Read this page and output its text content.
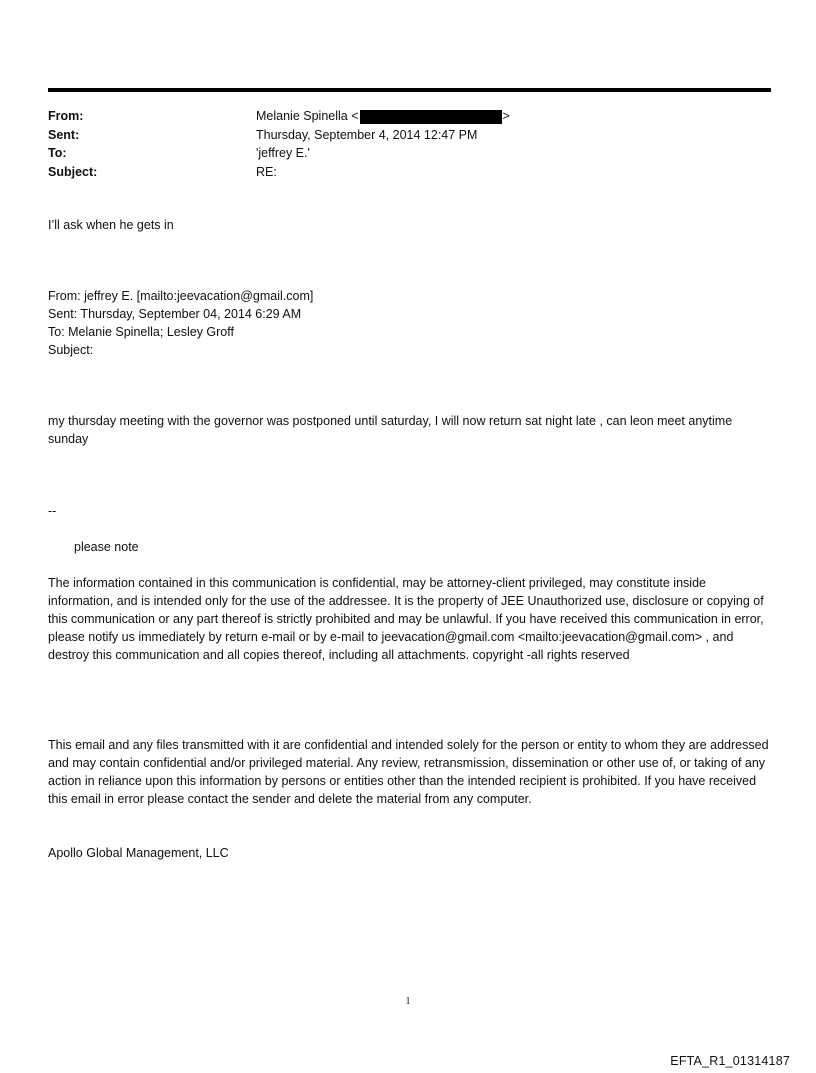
From:	Melanie Spinella <	>
Sent:	Thursday, September 4, 2014 12:47 PM
To:	'jeffrey E.'
Subject:	RE:
I’ll ask when he gets in
From: jeffrey E. [mailto:jeevacation@gmail.com]
Sent: Thursday, September 04, 2014 6:29 AM
To: Melanie Spinella; Lesley Groff
Subject:
my thursday meeting with the governor was postponed until saturday, I will now return sat night late , can leon meet anytime sunday
--
please note
The information contained in this communication is confidential, may be attorney-client privileged, may constitute inside information, and is intended only for the use of the addressee. It is the property of JEE Unauthorized use, disclosure or copying of this communication or any part thereof is strictly prohibited and may be unlawful. If you have received this communication in error, please notify us immediately by return e-mail or by e-mail to jeevacation@gmail.com <mailto:jeevacation@gmail.com> , and destroy this communication and all copies thereof, including all attachments. copyright -all rights reserved
This email and any files transmitted with it are confidential and intended solely for the person or entity to whom they are addressed and may contain confidential and/or privileged material. Any review, retransmission, dissemination or other use of, or taking of any action in reliance upon this information by persons or entities other than the intended recipient is prohibited. If you have received this email in error please contact the sender and delete the material from any computer.
Apollo Global Management, LLC
1
EFTA_R1_01314187
